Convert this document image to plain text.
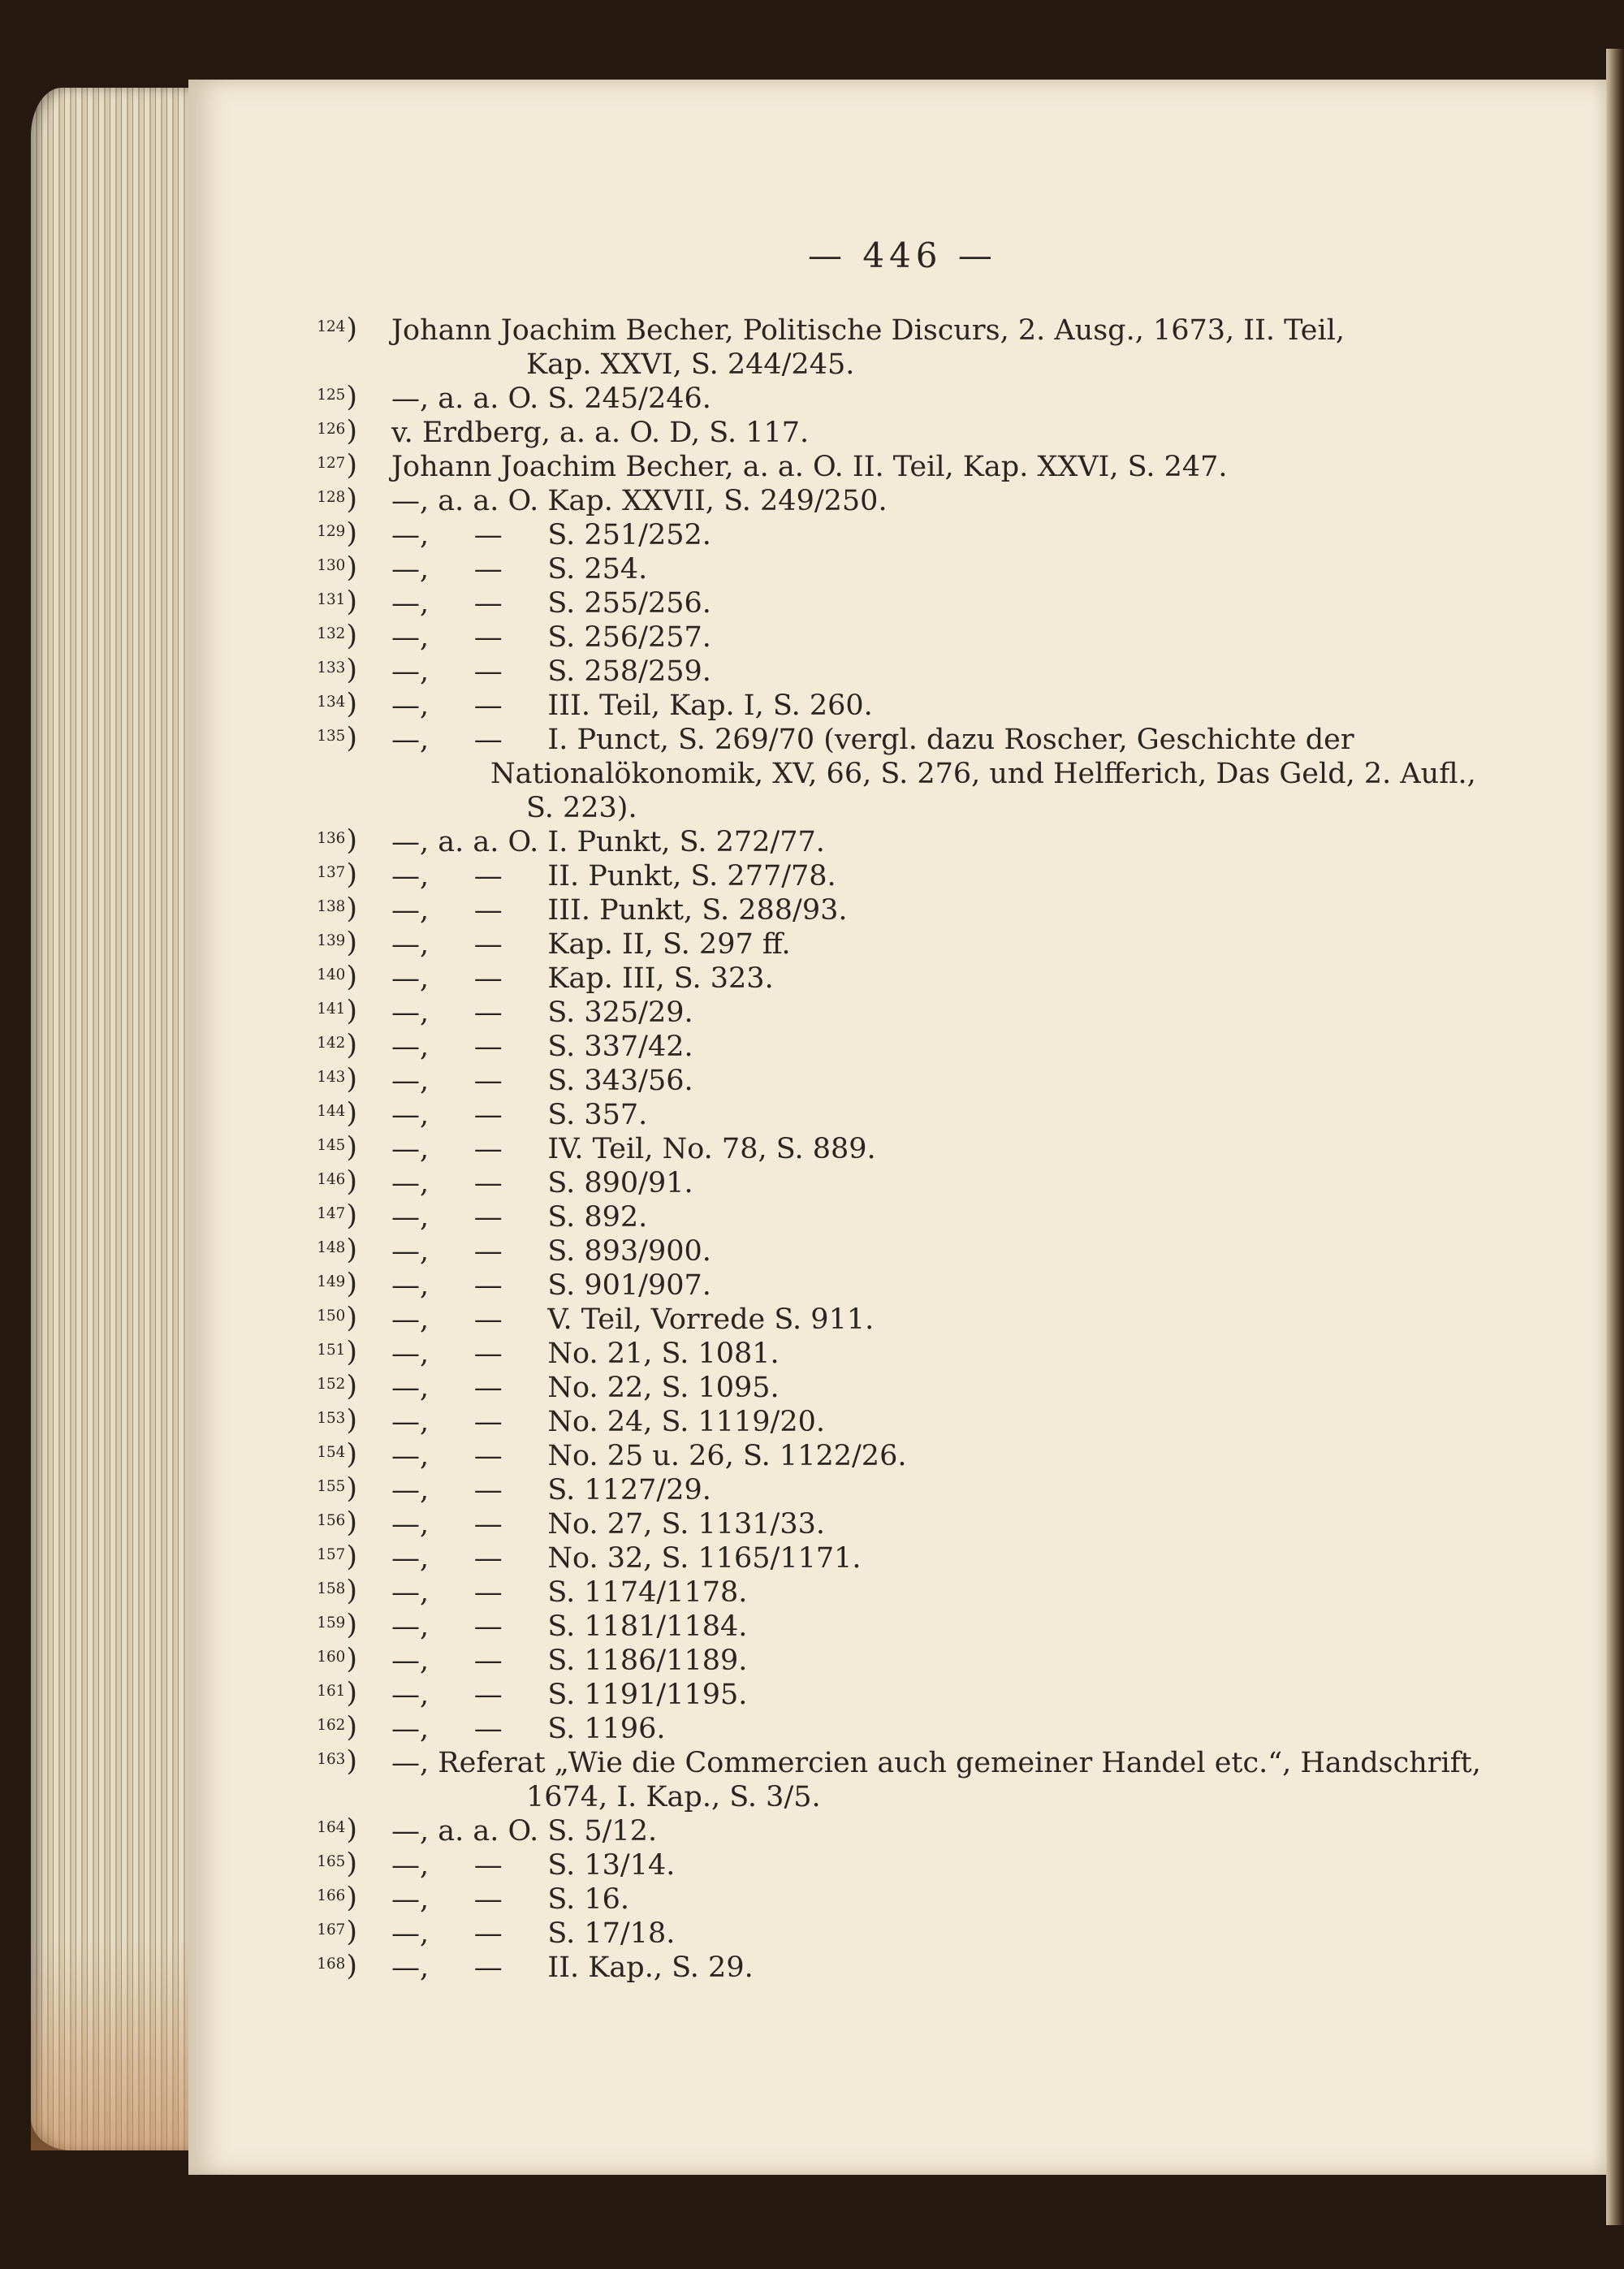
— 446 —
$^{124}$) Johann Joachim Becher, Politische Discurs, 2. Ausg., 1673, II. Teil,
Kap. XXVI, S. 244/245.
$^{125}$) —, a. a. O. S. 245/246.
$^{126}$) v. Erdberg, a. a. O. D, S. 117.
$^{127}$) Johann Joachim Becher, a. a. O. II. Teil, Kap. XXVI, S. 247.
$^{128}$) —, a. a. O. Kap. XXVII, S. 249/250.
$^{129}$) —,     —     S. 251/252.
$^{130}$) —,     —     S. 254.
$^{131}$) —,     —     S. 255/256.
$^{132}$) —,     —     S. 256/257.
$^{133}$) —,     —     S. 258/259.
$^{134}$) —,     —     III. Teil, Kap. I, S. 260.
$^{135}$) —,     —     I. Punct, S. 269/70 (vergl. dazu Roscher, Geschichte der
Nationalökonomik, XV, 66, S. 276, und Helfferich, Das Geld, 2. Aufl.,
S. 223).
$^{136}$) —, a. a. O. I. Punkt, S. 272/77.
$^{137}$) —,     —     II. Punkt, S. 277/78.
$^{138}$) —,     —     III. Punkt, S. 288/93.
$^{139}$) —,     —     Kap. II, S. 297 ff.
$^{140}$) —,     —     Kap. III, S. 323.
$^{141}$) —,     —     S. 325/29.
$^{142}$) —,     —     S. 337/42.
$^{143}$) —,     —     S. 343/56.
$^{144}$) —,     —     S. 357.
$^{145}$) —,     —     IV. Teil, No. 78, S. 889.
$^{146}$) —,     —     S. 890/91.
$^{147}$) —,     —     S. 892.
$^{148}$) —,     —     S. 893/900.
$^{149}$) —,     —     S. 901/907.
$^{150}$) —,     —     V. Teil, Vorrede S. 911.
$^{151}$) —,     —     No. 21, S. 1081.
$^{152}$) —,     —     No. 22, S. 1095.
$^{153}$) —,     —     No. 24, S. 1119/20.
$^{154}$) —,     —     No. 25 u. 26, S. 1122/26.
$^{155}$) —,     —     S. 1127/29.
$^{156}$) —,     —     No. 27, S. 1131/33.
$^{157}$) —,     —     No. 32, S. 1165/1171.
$^{158}$) —,     —     S. 1174/1178.
$^{159}$) —,     —     S. 1181/1184.
$^{160}$) —,     —     S. 1186/1189.
$^{161}$) —,     —     S. 1191/1195.
$^{162}$) —,     —     S. 1196.
$^{163}$) —, Referat „Wie die Commercien auch gemeiner Handel etc.“, Handschrift,
1674, I. Kap., S. 3/5.
$^{164}$) —, a. a. O. S. 5/12.
$^{165}$) —,     —     S. 13/14.
$^{166}$) —,     —     S. 16.
$^{167}$) —,     —     S. 17/18.
$^{168}$) —,     —     II. Kap., S. 29.
